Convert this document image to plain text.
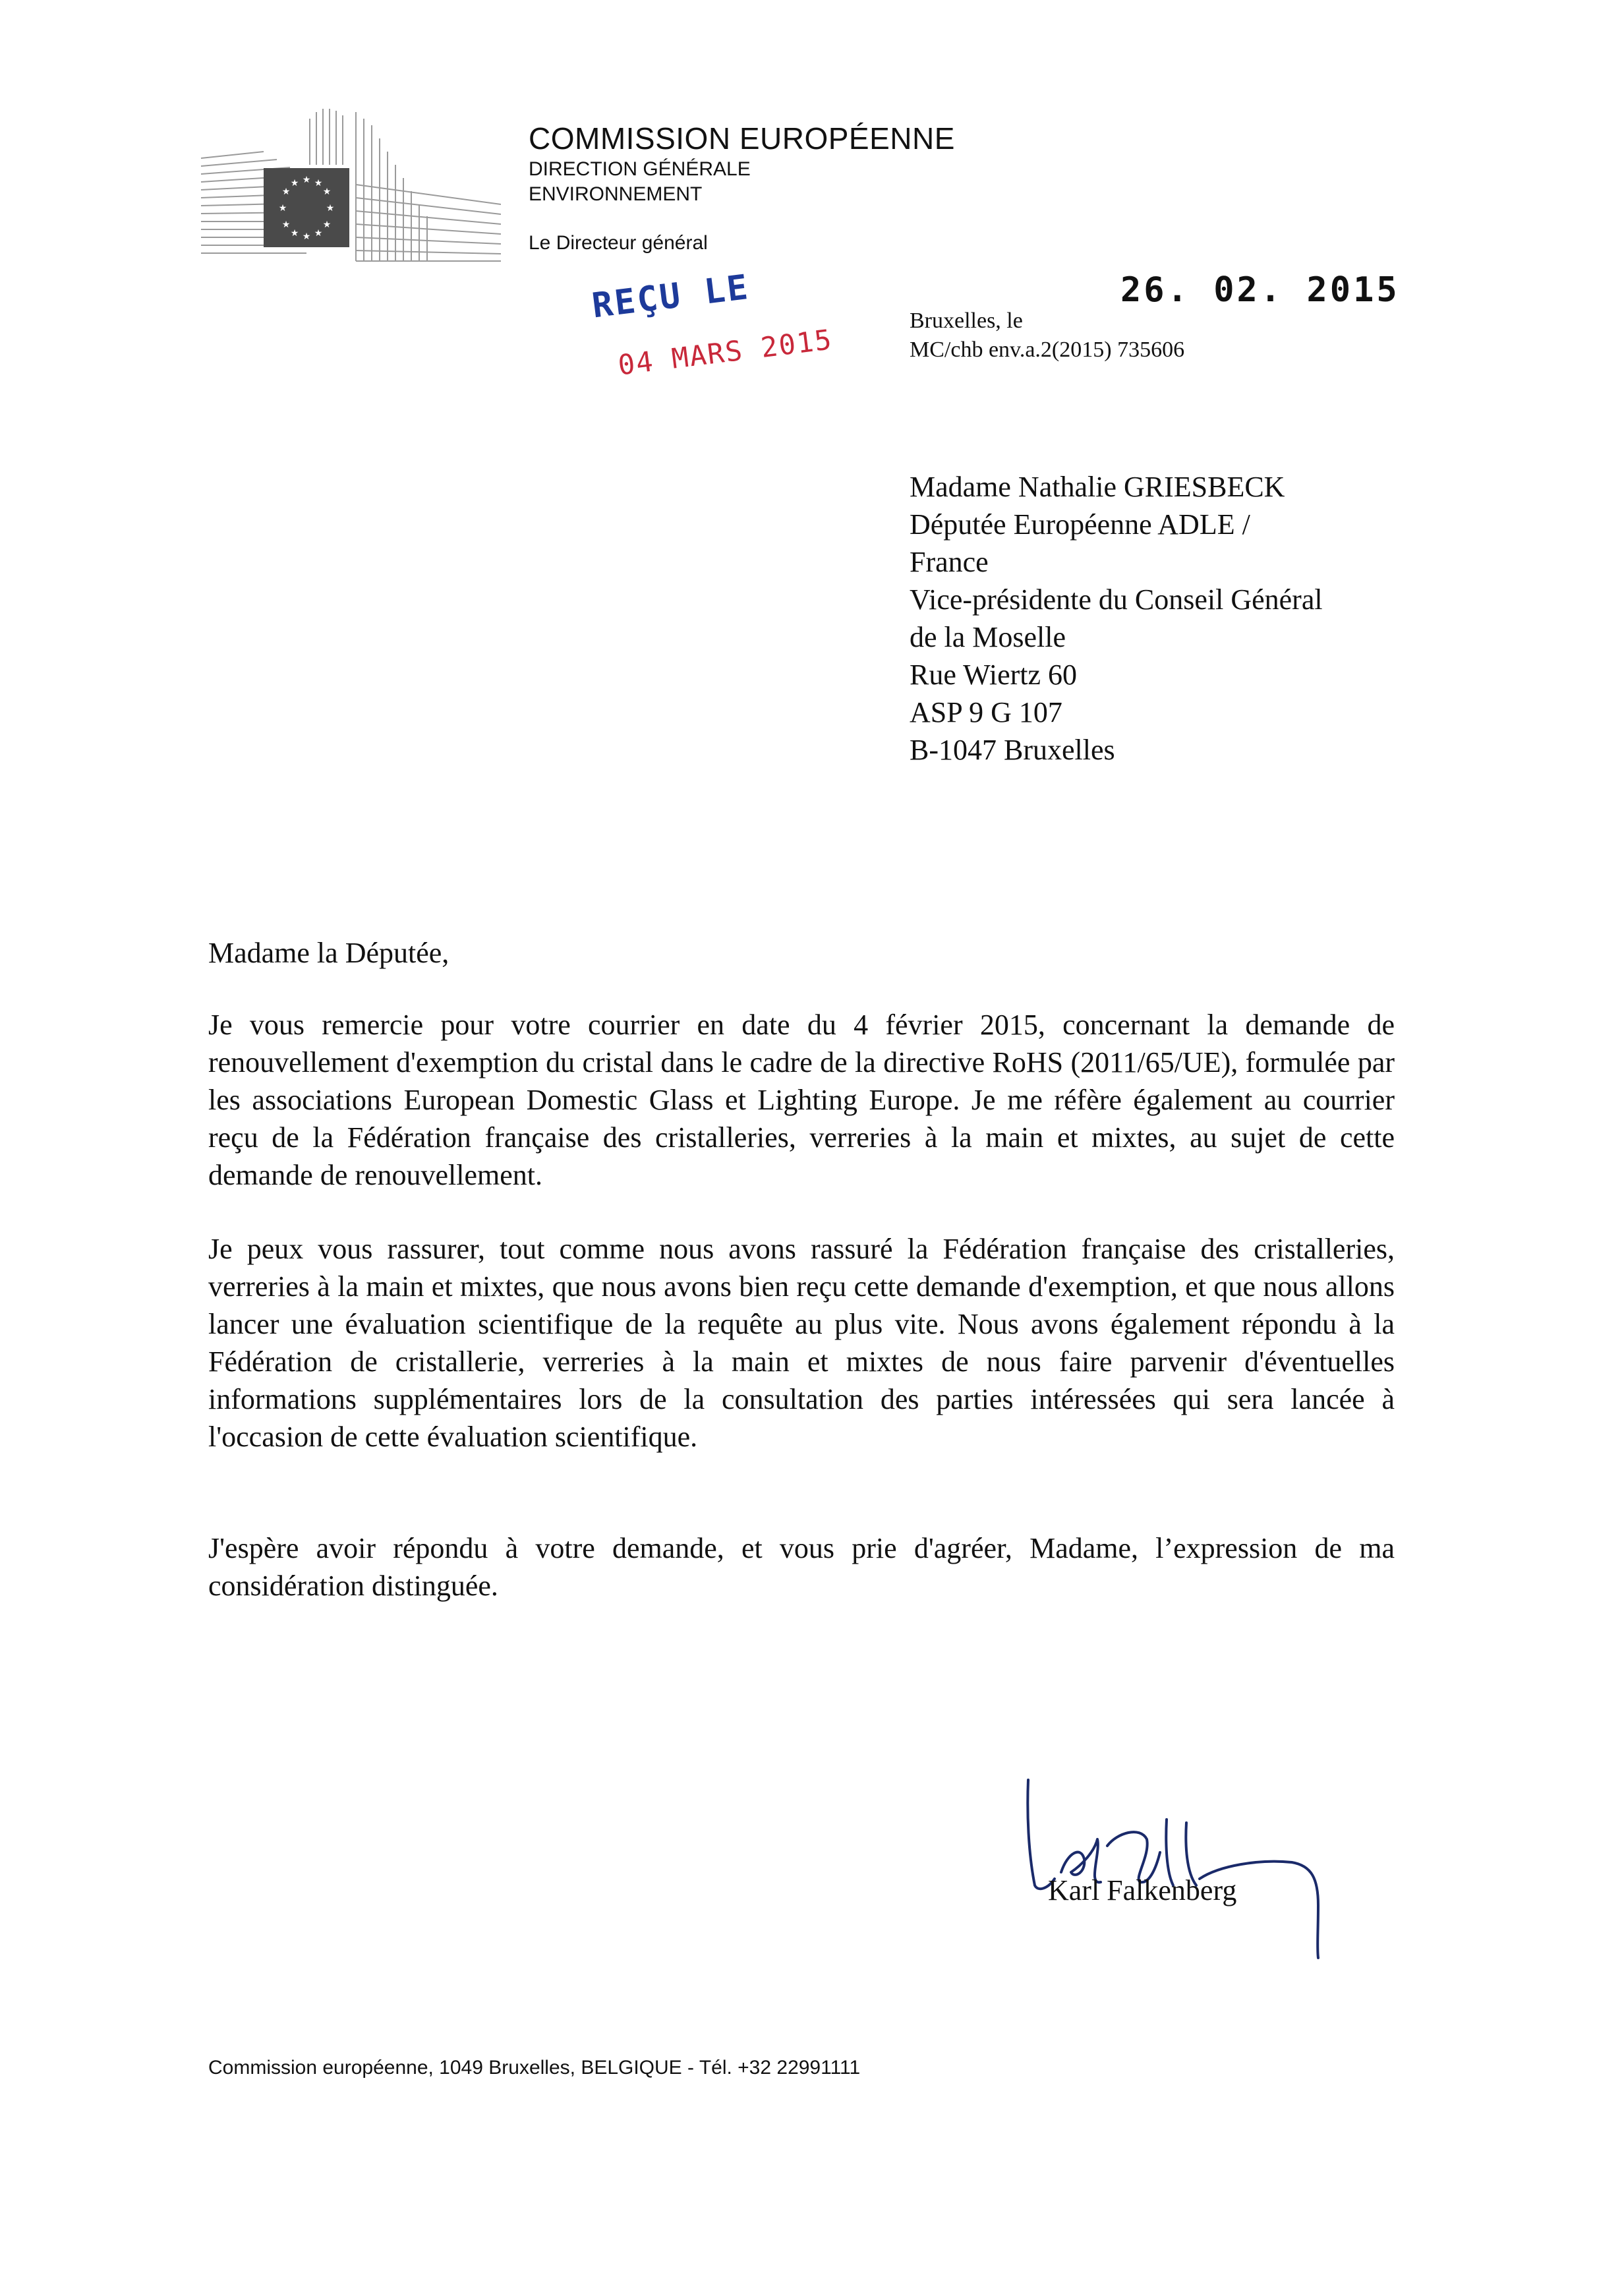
★ ★
★
★
★
★
★
★
★
★
★
★
COMMISSION EUROPÉENNE
DIRECTION GÉNÉRALE
ENVIRONNEMENT
Le Directeur général
REÇU LE
04 MARS 2015
26. 02. 2015
Bruxelles, le
MC/chb env.a.2(2015) 735606
Madame Nathalie GRIESBECK
Députée Européenne ADLE /
France
Vice-présidente du Conseil Général
de la Moselle
Rue Wiertz 60
ASP 9 G 107
B-1047 Bruxelles
Madame la Députée,
Je vous remercie pour votre courrier en date du 4 février 2015, concernant la demande de renouvellement d'exemption du cristal dans le cadre de la directive RoHS (2011/65/UE), formulée par les associations European Domestic Glass et Lighting Europe. Je me réfère également au courrier reçu de la Fédération française des cristalleries, verreries à la main et mixtes, au sujet de cette demande de renouvellement.
Je peux vous rassurer, tout comme nous avons rassuré la Fédération française des cristalleries, verreries à la main et mixtes, que nous avons bien reçu cette demande d'exemption, et que nous allons lancer une évaluation scientifique de la requête au plus vite. Nous avons également répondu à la Fédération de cristallerie, verreries à la main et mixtes de nous faire parvenir d'éventuelles informations supplémentaires lors de la consultation des parties intéressées qui sera lancée à l'occasion de cette évaluation scientifique.
J'espère avoir répondu à votre demande, et vous prie d'agréer, Madame, l’expression de ma considération distinguée.
Karl Falkenberg
Commission européenne, 1049 Bruxelles, BELGIQUE - Tél. +32 22991111
